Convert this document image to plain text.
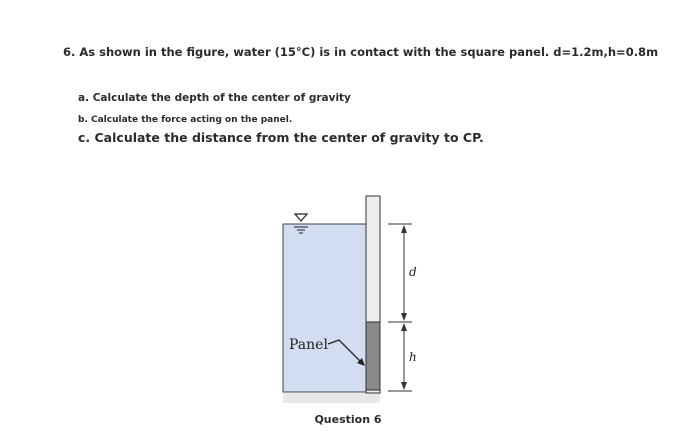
6. As shown in the figure, water (15°C) is in contact with the square panel. d=1.2m,h=0.8m
a. Calculate the depth of the center of gravity
b. Calculate the force acting on the panel.
c. Calculate the distance from the center of gravity to CP.
d
h
Panel
Question 6
